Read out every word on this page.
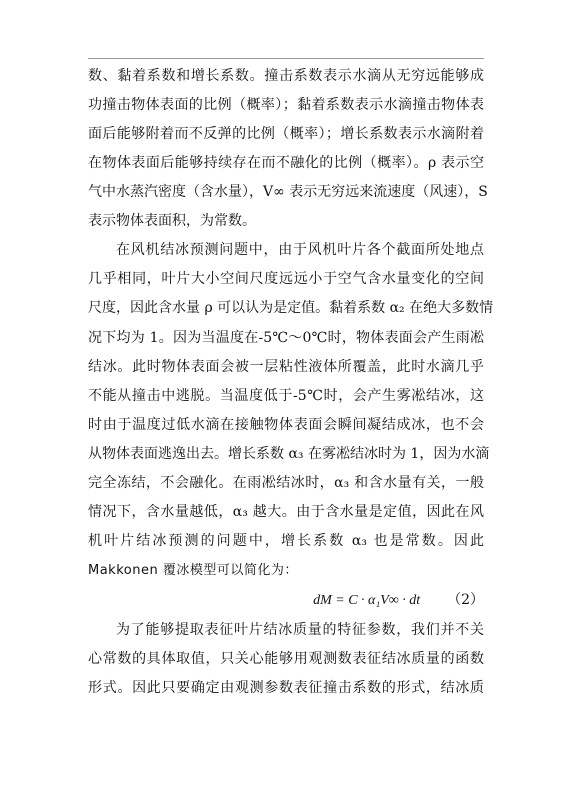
数、黏着系数和增长系数。撞击系数表示水滴从无穷远能够成
功撞击物体表面的比例（概率）；黏着系数表示水滴撞击物体表
面后能够附着而不反弹的比例（概率）；增长系数表示水滴附着
在物体表面后能够持续存在而不融化的比例（概率）。ρ 表示空
气中水蒸汽密度（含水量），V∞ 表示无穷远来流速度（风速），S
表示物体表面积，为常数。
在风机结冰预测问题中，由于风机叶片各个截面所处地点
几乎相同，叶片大小空间尺度远远小于空气含水量变化的空间
尺度，因此含水量 ρ 可以认为是定值。黏着系数 α₂ 在绝大多数情
况下均为 1。因为当温度在-5℃～0℃时，物体表面会产生雨凇
结冰。此时物体表面会被一层粘性液体所覆盖，此时水滴几乎
不能从撞击中逃脱。当温度低于-5℃时，会产生雾凇结冰，这
时由于温度过低水滴在接触物体表面会瞬间凝结成冰，也不会
从物体表面逃逸出去。增长系数 α₃ 在雾凇结冰时为 1，因为水滴
完全冻结，不会融化。在雨凇结冰时，α₃ 和含水量有关，一般
情况下，含水量越低，α₃ 越大。由于含水量是定值，因此在风
机叶片结冰预测的问题中，增长系数 α₃ 也是常数。因此
Makkonen 覆冰模型可以简化为：
dM = C · α₁V∞ · dt （2）
为了能够提取表征叶片结冰质量的特征参数，我们并不关
心常数的具体取值，只关心能够用观测数表征结冰质量的函数
形式。因此只要确定由观测参数表征撞击系数的形式，结冰质
